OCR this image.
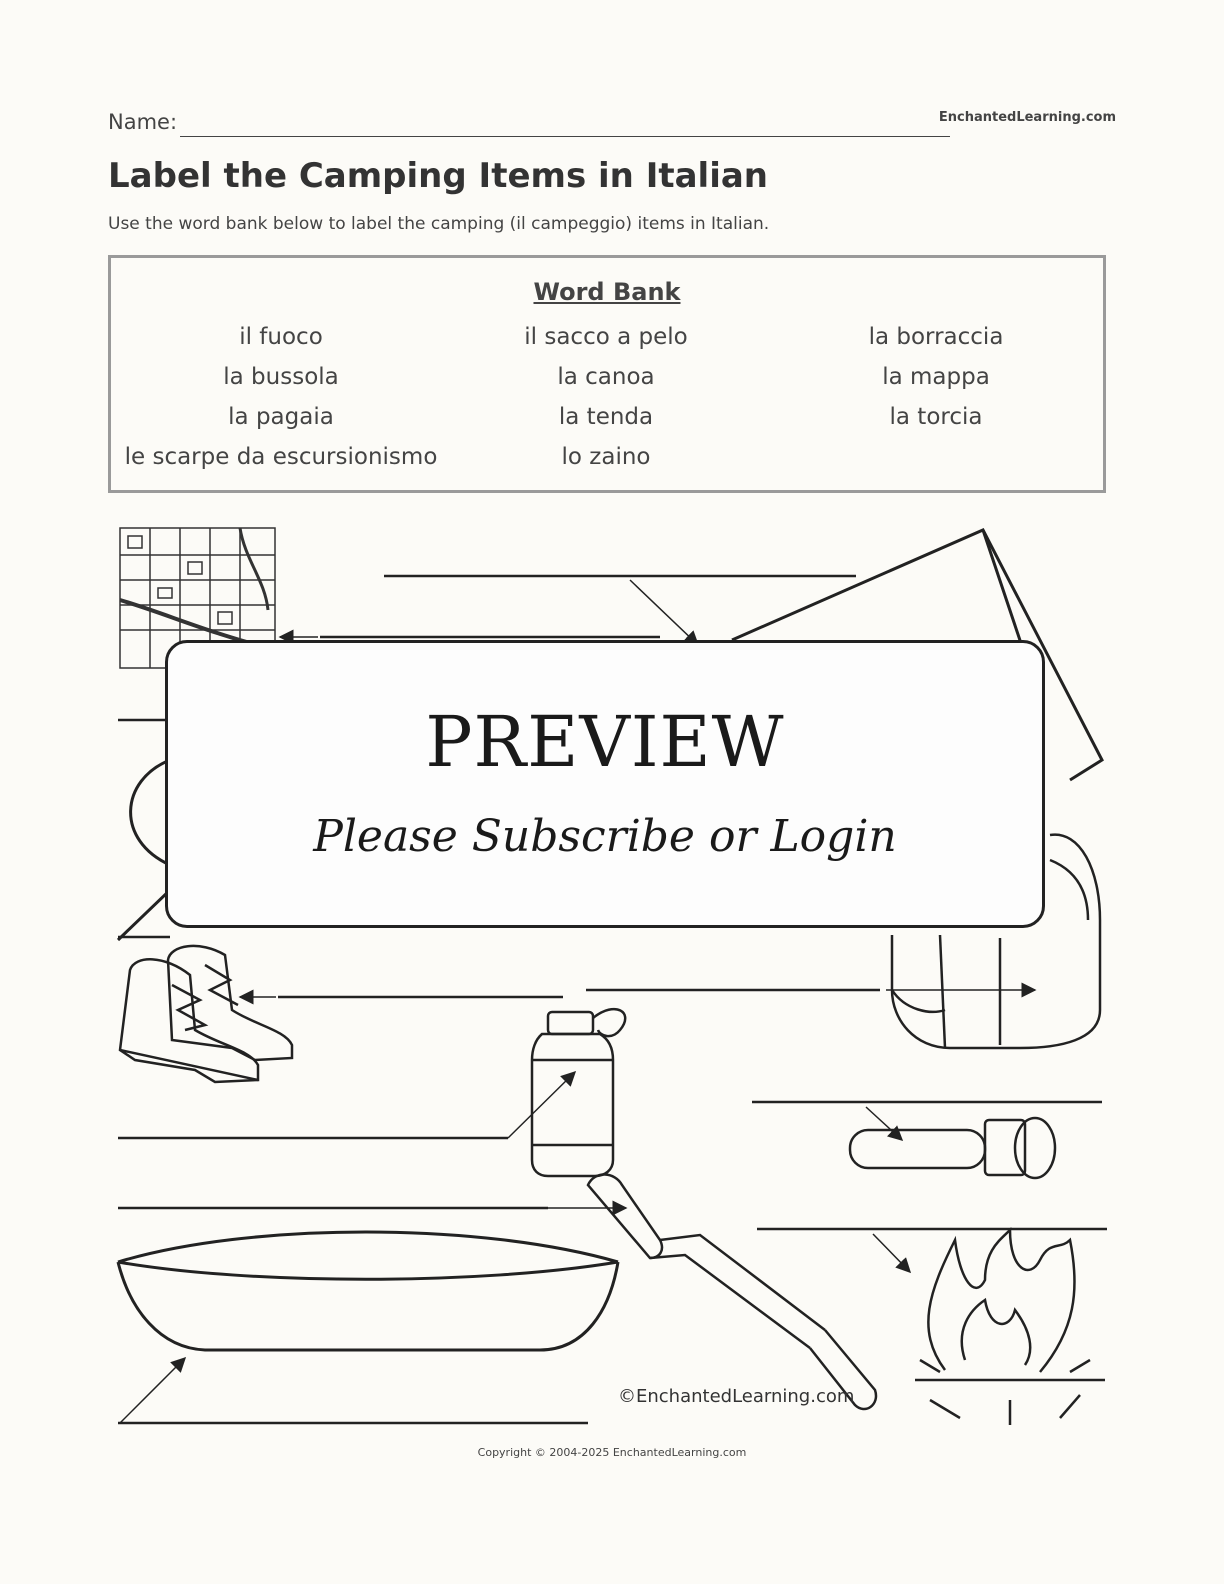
Name:	EnchantedLearning.com
Label the Camping Items in Italian
Use the word bank below to label the camping (il campeggio) items in Italian.
Word Bank
il fuoco
la bussola
la pagaia
le scarpe da escursionismo
il sacco a pelo
la canoa
la tenda
lo zaino
la borraccia
la mappa
la torcia
PREVIEW
Please Subscribe or Login
©EnchantedLearning.com
Copyright © 2004-2025 EnchantedLearning.com
